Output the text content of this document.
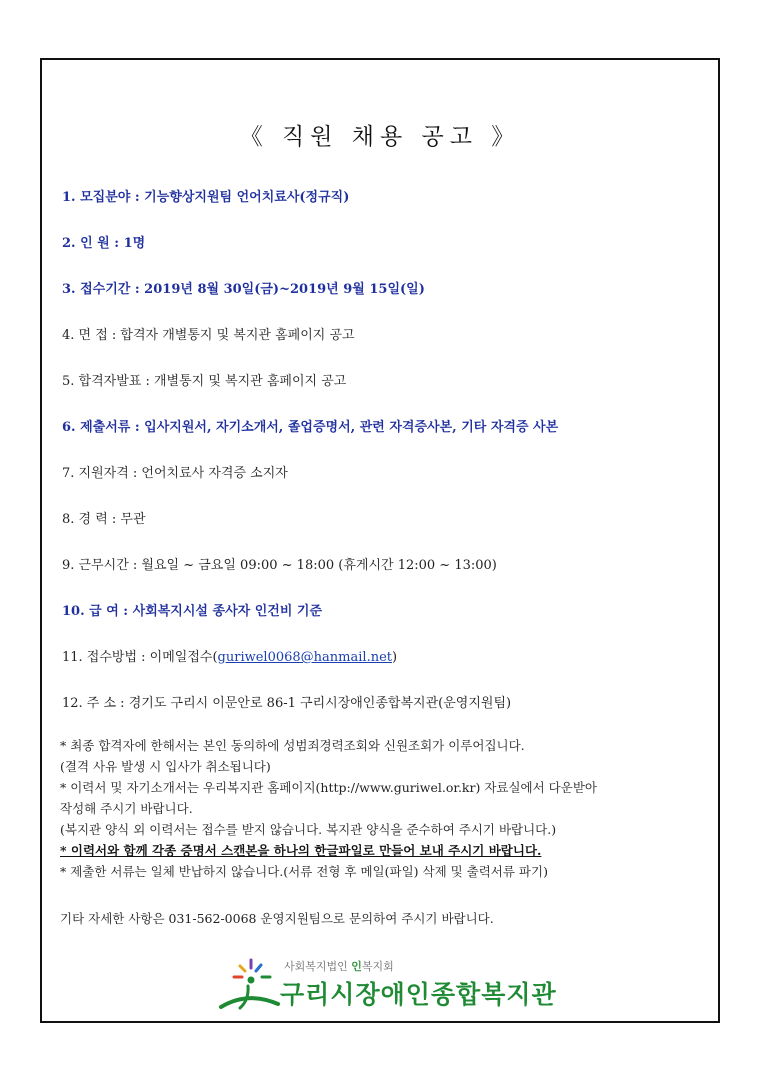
《 직원 채용 공고 》
1. 모집분야 : 기능향상지원팀 언어치료사(정규직)
2. 인 원 : 1명
3. 접수기간 : 2019년 8월 30일(금)~2019년 9월 15일(일)
4. 면 접 : 합격자 개별통지 및 복지관 홈페이지 공고
5. 합격자발표 : 개별통지 및 복지관 홈페이지 공고
6. 제출서류 : 입사지원서, 자기소개서, 졸업증명서, 관련 자격증사본, 기타 자격증 사본
7. 지원자격 : 언어치료사 자격증 소지자
8. 경 력 : 무관
9. 근무시간 : 월요일 ~ 금요일 09:00 ~ 18:00 (휴게시간 12:00 ~ 13:00)
10. 급 여 : 사회복지시설 종사자 인건비 기준
11. 접수방법 : 이메일접수(guriwel0068@hanmail.net)
12. 주 소 : 경기도 구리시 이문안로 86-1 구리시장애인종합복지관(운영지원팀)
* 최종 합격자에 한해서는 본인 동의하에 성범죄경력조회와 신원조회가 이루어집니다.
(결격 사유 발생 시 입사가 취소됩니다)
* 이력서 및 자기소개서는 우리복지관 홈페이지(http://www.guriwel.or.kr) 자료실에서 다운받아
작성해 주시기 바랍니다.
(복지관 양식 외 이력서는 접수를 받지 않습니다. 복지관 양식을 준수하여 주시기 바랍니다.)
* 이력서와 함께 각종 증명서 스캔본을 하나의 한글파일로 만들어 보내 주시기 바랍니다.
* 제출한 서류는 일체 반납하지 않습니다.(서류 전형 후 메일(파일) 삭제 및 출력서류 파기)
기타 자세한 사항은 031-562-0068 운영지원팀으로 문의하여 주시기 바랍니다.
사회복지법인 인복지회
구리시장애인종합복지관
